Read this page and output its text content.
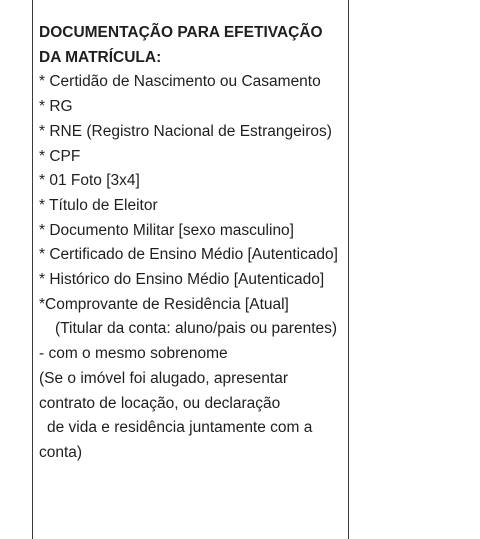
DOCUMENTAÇÃO PARA EFETIVAÇÃO DA MATRÍCULA:

* Certidão de Nascimento ou Casamento
* RG
* RNE (Registro Nacional de Estrangeiros)
* CPF
* 01 Foto [3x4]
* Título de Eleitor
* Documento Militar [sexo masculino]
* Certificado de Ensino Médio [Autenticado]
* Histórico do Ensino Médio [Autenticado]
*Comprovante de Residência [Atual]
(Titular da conta: aluno/pais ou parentes) - com o mesmo sobrenome
(Se o imóvel foi alugado, apresentar contrato de locação, ou declaração
de vida e residência juntamente com a conta)
